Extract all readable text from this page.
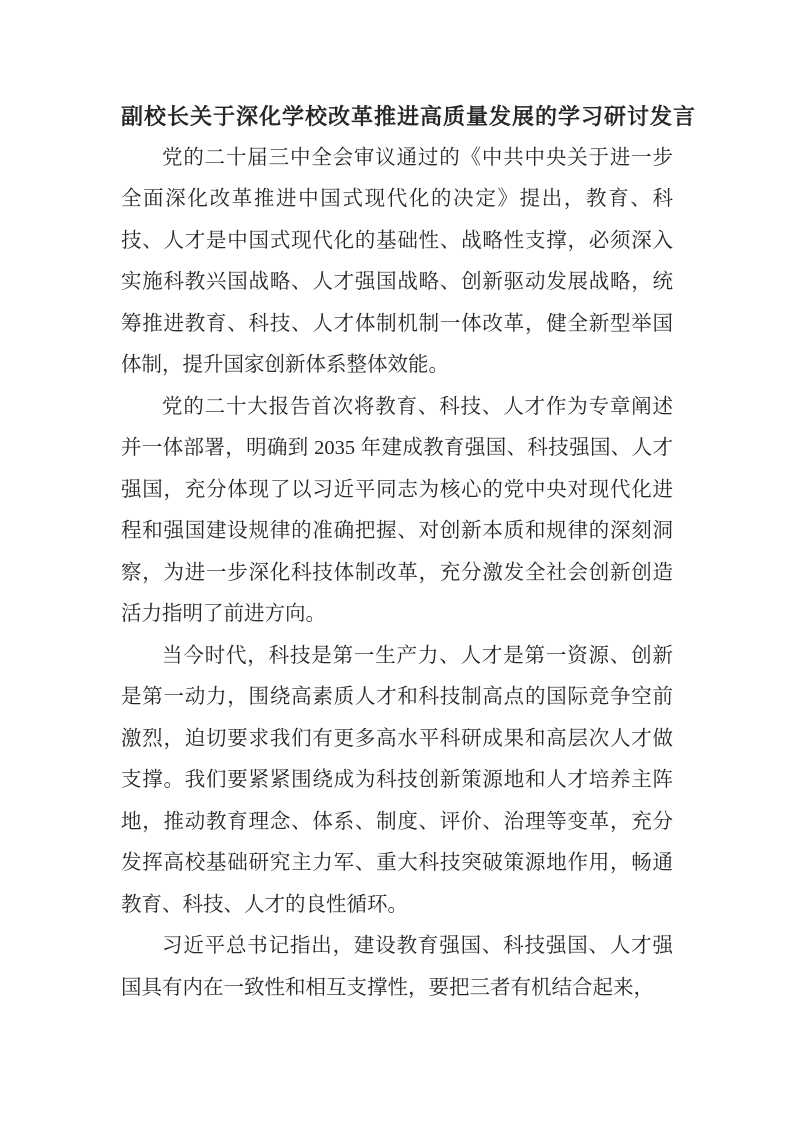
副校长关于深化学校改革推进高质量发展的学习研讨发言

党的二十届三中全会审议通过的《中共中央关于进一步全面深化改革推进中国式现代化的决定》提出，教育、科技、人才是中国式现代化的基础性、战略性支撑，必须深入实施科教兴国战略、人才强国战略、创新驱动发展战略，统筹推进教育、科技、人才体制机制一体改革，健全新型举国体制，提升国家创新体系整体效能。

党的二十大报告首次将教育、科技、人才作为专章阐述并一体部署，明确到 2035 年建成教育强国、科技强国、人才强国，充分体现了以习近平同志为核心的党中央对现代化进程和强国建设规律的准确把握、对创新本质和规律的深刻洞察，为进一步深化科技体制改革，充分激发全社会创新创造活力指明了前进方向。

当今时代，科技是第一生产力、人才是第一资源、创新是第一动力，围绕高素质人才和科技制高点的国际竞争空前激烈，迫切要求我们有更多高水平科研成果和高层次人才做支撑。我们要紧紧围绕成为科技创新策源地和人才培养主阵地，推动教育理念、体系、制度、评价、治理等变革，充分发挥高校基础研究主力军、重大科技突破策源地作用，畅通教育、科技、人才的良性循环。

习近平总书记指出，建设教育强国、科技强国、人才强国具有内在一致性和相互支撑性，要把三者有机结合起来，
